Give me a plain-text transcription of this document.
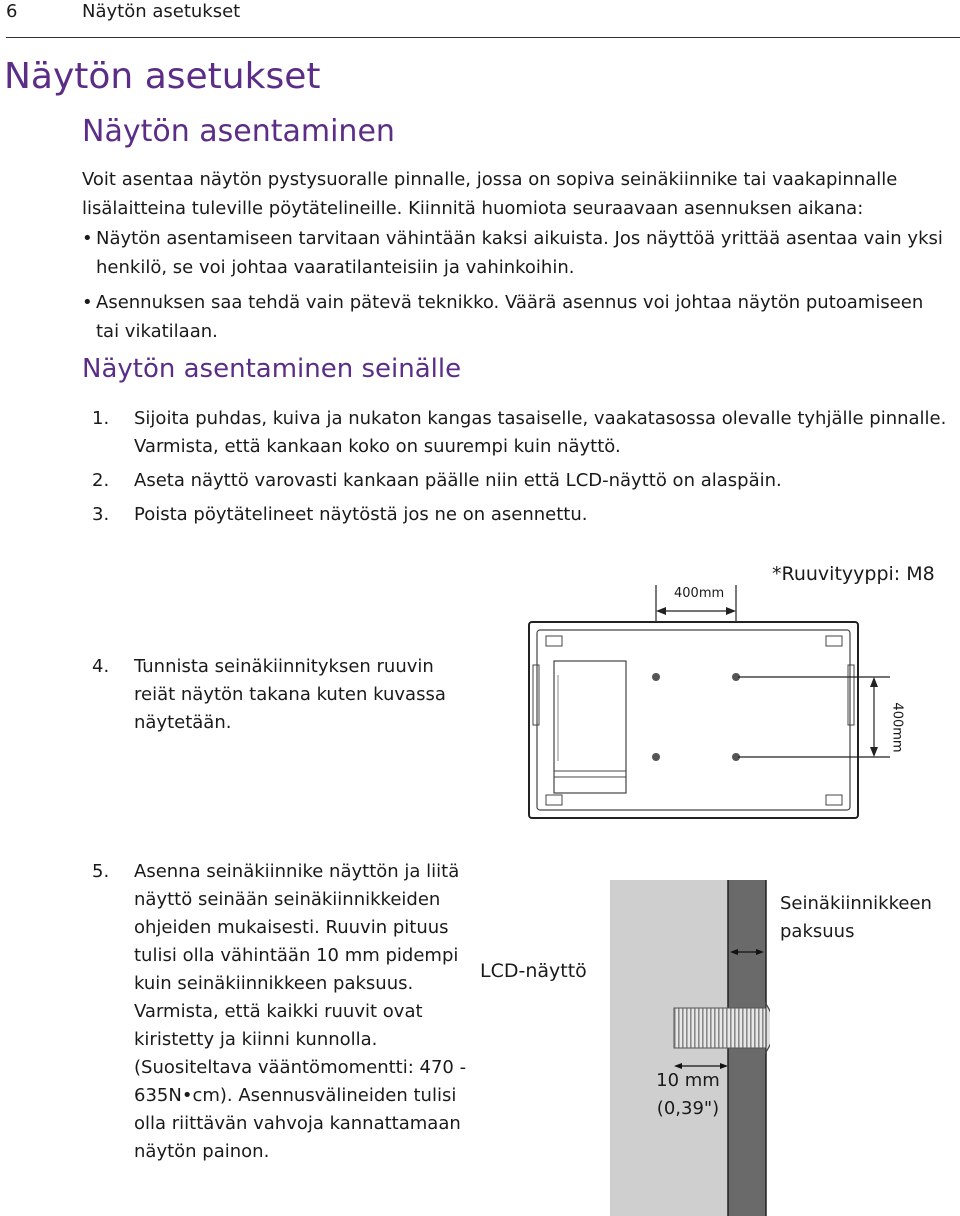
6	Näytön asetukset
Näytön asetukset
Näytön asentaminen

Voit asentaa näytön pystysuoralle pinnalle, jossa on sopiva seinäkiinnike tai vaakapinnalle lisälaitteina tuleville pöytätelineille. Kiinnitä huomiota seuraavaan asennuksen aikana:

• Näytön asentamiseen tarvitaan vähintään kaksi aikuista. Jos näyttöä yrittää asentaa vain yksi henkilö, se voi johtaa vaaratilanteisiin ja vahinkoihin.
• Asennuksen saa tehdä vain pätevä teknikko. Väärä asennus voi johtaa näytön putoamiseen tai vikatilaan.
Näytön asentaminen seinälle
1. Sijoita puhdas, kuiva ja nukaton kangas tasaiselle, vaakatasossa olevalle tyhjälle pinnalle. Varmista, että kankaan koko on suurempi kuin näyttö.
2. Aseta näyttö varovasti kankaan päälle niin että LCD-näyttö on alaspäin.
3. Poista pöytätelineet näytöstä jos ne on asennettu.
4. Tunnista seinäkiinnityksen ruuvin reiät näytön takana kuten kuvassa näytetään.
*Ruuvityyppi: M8
400mm
400mm
5. Asenna seinäkiinnike näyttön ja liitä näyttö seinään seinäkiinnikkeiden ohjeiden mukaisesti. Ruuvin pituus tulisi olla vähintään 10 mm pidempi kuin seinäkiinnikkeen paksuus. Varmista, että kaikki ruuvit ovat kiristetty ja kiinni kunnolla. (Suositeltava vääntömomentti: 470 - 635N•cm). Asennusvälineiden tulisi olla riittävän vahvoja kannattamaan näytön painon.
LCD-näyttö
Seinäkiinnikkeen paksuus
10 mm
(0,39")
